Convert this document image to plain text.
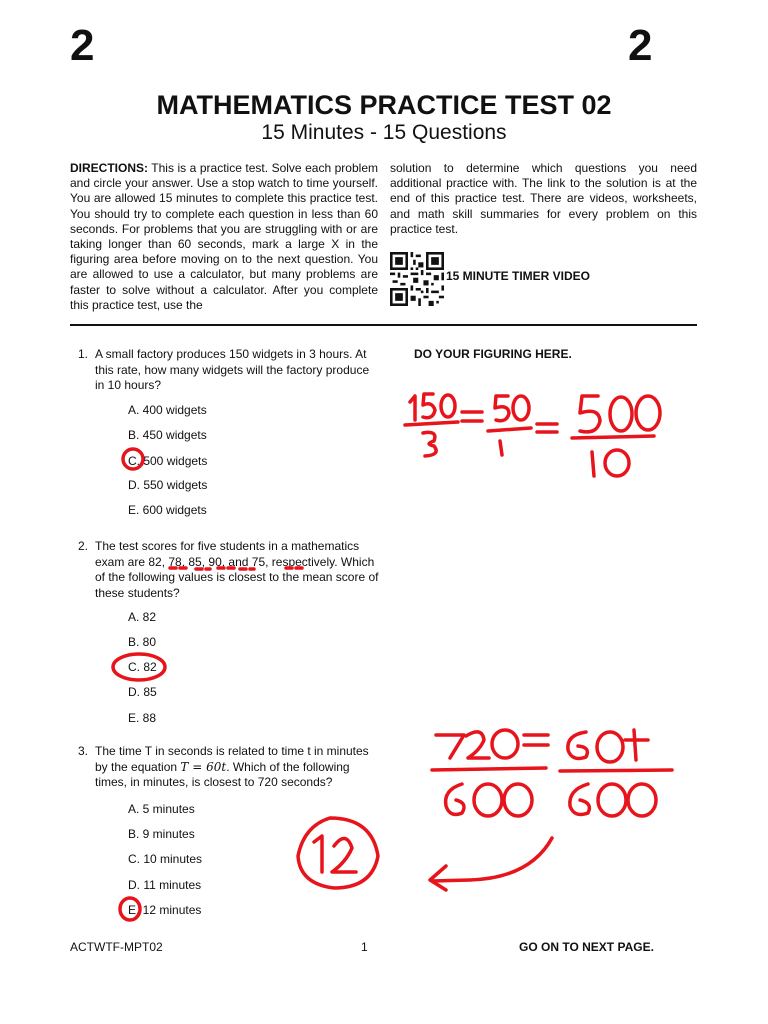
2	2
MATHEMATICS PRACTICE TEST 02
15 Minutes - 15 Questions
DIRECTIONS: This is a practice test. Solve each problem and circle your answer. Use a stop watch to time yourself. You are allowed 15 minutes to complete this practice test. You should try to complete each question in less than 60 seconds. For problems that you are struggling with or are taking longer than 60 seconds, mark a large X in the figuring area before moving on to the next question. You are allowed to use a calculator, but many problems are faster to solve without a calculator. After you complete this practice test, use the
solution to determine which questions you need additional practice with. The link to the solution is at the end of this practice test. There are videos, worksheets, and math skill summaries for every problem on this practice test.
15 MINUTE TIMER VIDEO
DO YOUR FIGURING HERE.
1. A small factory produces 150 widgets in 3 hours. At this rate, how many widgets will the factory produce in 10 hours?
A. 400 widgets
B. 450 widgets
C. 500 widgets
D. 550 widgets
E. 600 widgets
2. The test scores for five students in a mathematics exam are 82, 78, 85, 90, and 75, respectively. Which of the following values is closest to the mean score of these students?
A. 82
B. 80
C. 82
D. 85
E. 88
3. The time T in seconds is related to time t in minutes by the equation T = 60t. Which of the following times, in minutes, is closest to 720 seconds?
A. 5 minutes
B. 9 minutes
C. 10 minutes
D. 11 minutes
E. 12 minutes
ACTWTF-MPT02	1	GO ON TO NEXT PAGE.
